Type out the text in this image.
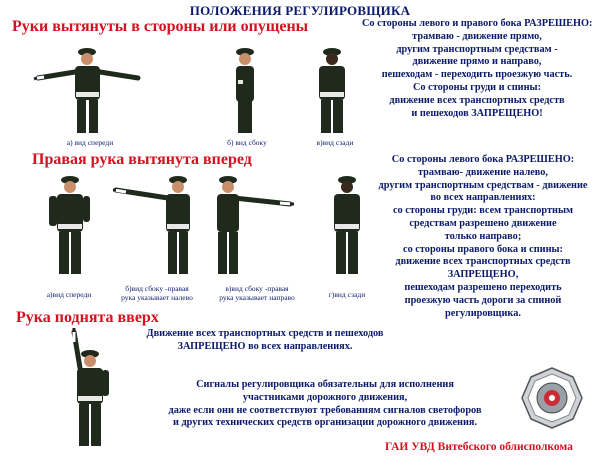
ПОЛОЖЕНИЯ РЕГУЛИРОВЩИКА
Руки вытянуты в стороны или опущены
а) вид спереди	б) вид сбоку	в)вид сзади
Со стороны левого и правого бока РАЗРЕШЕНО:
трамваю - движение прямо,
другим транспортным средствам -
движение прямо и направо,
пешеходам - переходить проезжую часть.
Со стороны груди и спины:
движение всех транспортных средств
и пешеходов ЗАПРЕЩЕНО!
Правая рука вытянута вперед
а)вид спереди
б)вид сбоку -правая
рука указывает налево
в)вид сбоку -правая
рука указывает направо	г)вид сзади
Со стороны левого бока РАЗРЕШЕНО:
трамваю- движение налево,
другим транспортным средствам - движение
во всех направлениях:
со стороны груди: всем транспортным
средствам разрешено движение
только направо;
со стороны правого бока и спины:
движение всех транспортных средств
ЗАПРЕЩЕНО,
пешеходам разрешено переходить
проезжую часть дороги за спиной
регулировщика.
Рука поднята вверх
Движение всех транспортных средств и пешеходов
ЗАПРЕЩЕНО во всех направлениях.
Сигналы регулировщика обязательны для исполнения
участниками дорожного движения,
даже если они не соответствуют требованиям сигналов светофоров
и других технических средств организации дорожного движения.
ГАИ УВД Витебского облисполкома
